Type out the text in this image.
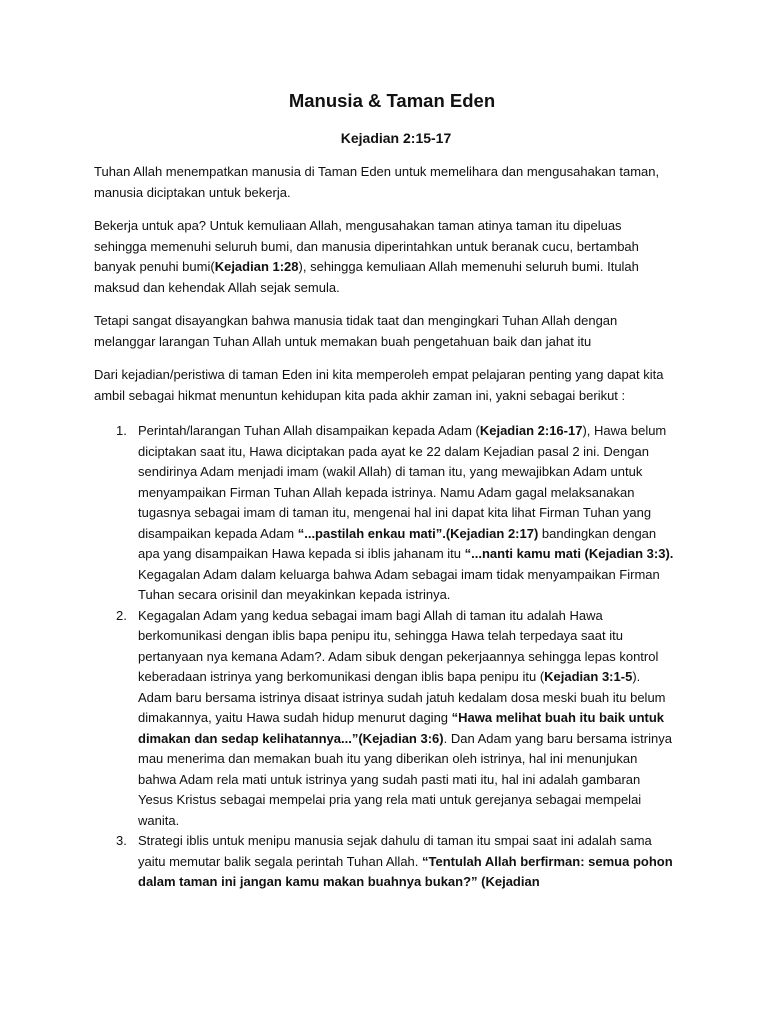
Manusia & Taman Eden
Kejadian 2:15-17

Tuhan Allah menempatkan manusia di Taman Eden untuk memelihara dan mengusahakan taman, manusia diciptakan untuk bekerja.

Bekerja untuk apa? Untuk kemuliaan Allah, mengusahakan taman atinya taman itu dipeluas sehingga memenuhi seluruh bumi, dan manusia diperintahkan untuk beranak cucu, bertambah banyak penuhi bumi(Kejadian 1:28), sehingga kemuliaan Allah memenuhi seluruh bumi. Itulah maksud dan kehendak Allah sejak semula.

Tetapi sangat disayangkan bahwa manusia tidak taat dan mengingkari Tuhan Allah dengan melanggar larangan Tuhan Allah untuk memakan buah pengetahuan baik dan jahat itu

Dari kejadian/peristiwa di taman Eden ini kita memperoleh empat pelajaran penting yang dapat kita ambil sebagai hikmat menuntun kehidupan kita pada akhir zaman ini, yakni sebagai berikut :

1. Perintah/larangan Tuhan Allah disampaikan kepada Adam (Kejadian 2:16-17), Hawa belum diciptakan saat itu, Hawa diciptakan pada ayat ke 22 dalam Kejadian pasal 2 ini. Dengan sendirinya Adam menjadi imam (wakil Allah) di taman itu, yang mewajibkan Adam untuk menyampaikan Firman Tuhan Allah kepada istrinya. Namu Adam gagal melaksanakan tugasnya sebagai imam di taman itu, mengenai hal ini dapat kita lihat Firman Tuhan yang disampaikan kepada Adam “...pastilah enkau mati”.(Kejadian 2:17) bandingkan dengan apa yang disampaikan Hawa kepada si iblis jahanam itu “...nanti kamu mati (Kejadian 3:3). Kegagalan Adam dalam keluarga bahwa Adam sebagai imam tidak menyampaikan Firman Tuhan secara orisinil dan meyakinkan kepada istrinya.
2. Kegagalan Adam yang kedua sebagai imam bagi Allah di taman itu adalah Hawa berkomunikasi dengan iblis bapa penipu itu, sehingga Hawa telah terpedaya saat itu pertanyaan nya kemana Adam?. Adam sibuk dengan pekerjaannya sehingga lepas kontrol keberadaan istrinya yang berkomunikasi dengan iblis bapa penipu itu (Kejadian 3:1-5). Adam baru bersama istrinya disaat istrinya sudah jatuh kedalam dosa meski buah itu belum dimakannya, yaitu Hawa sudah hidup menurut daging “Hawa melihat buah itu baik untuk dimakan dan sedap kelihatannya...”(Kejadian 3:6). Dan Adam yang baru bersama istrinya mau menerima dan memakan buah itu yang diberikan oleh istrinya, hal ini menunjukan bahwa Adam rela mati untuk istrinya yang sudah pasti mati itu, hal ini adalah gambaran Yesus Kristus sebagai mempelai pria yang rela mati untuk gerejanya sebagai mempelai wanita.
3. Strategi iblis untuk menipu manusia sejak dahulu di taman itu smpai saat ini adalah sama yaitu memutar balik segala perintah Tuhan Allah. “Tentulah Allah berfirman: semua pohon dalam taman ini jangan kamu makan buahnya bukan?” (Kejadian
